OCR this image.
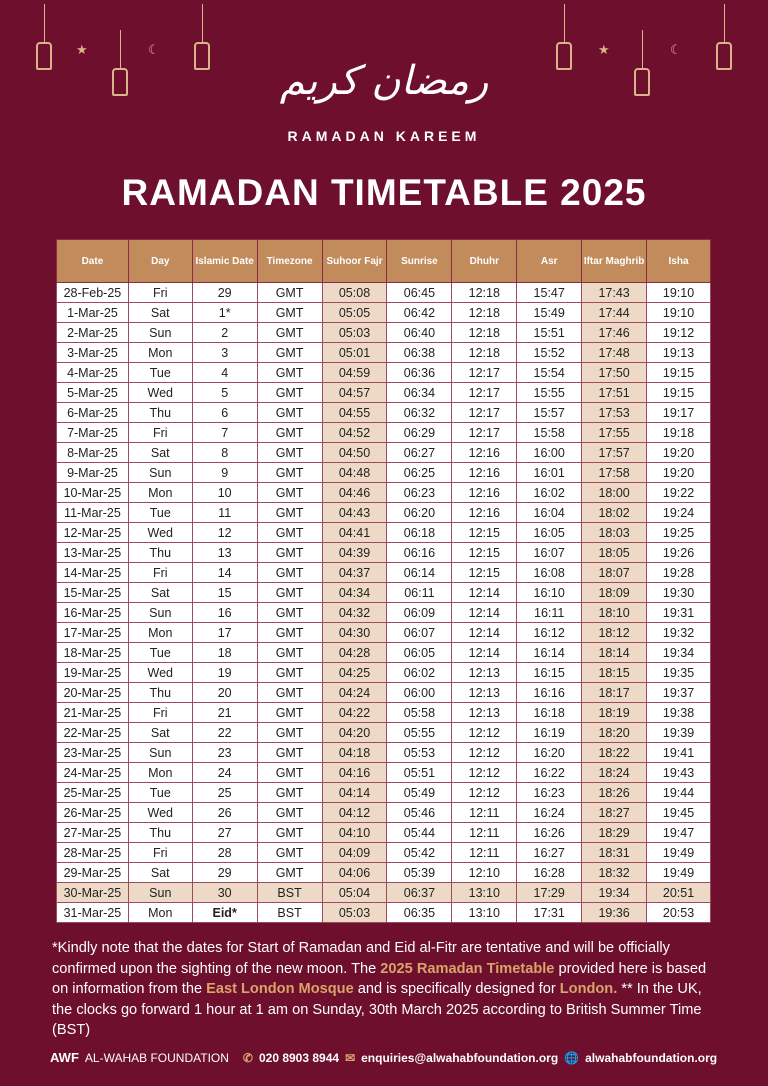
★	☾	★	☾
رمضان كريم
RAMADAN KAREEM
RAMADAN TIMETABLE 2025
Date	Day	Islamic Date	Timezone	Suhoor Fajr	Sunrise	Dhuhr	Asr	Iftar Maghrib	Isha
28-Feb-25	Fri	29	GMT	05:08	06:45	12:18	15:47	17:43	19:10
1-Mar-25	Sat	1*	GMT	05:05	06:42	12:18	15:49	17:44	19:10
2-Mar-25	Sun	2	GMT	05:03	06:40	12:18	15:51	17:46	19:12
3-Mar-25	Mon	3	GMT	05:01	06:38	12:18	15:52	17:48	19:13
4-Mar-25	Tue	4	GMT	04:59	06:36	12:17	15:54	17:50	19:15
5-Mar-25	Wed	5	GMT	04:57	06:34	12:17	15:55	17:51	19:15
6-Mar-25	Thu	6	GMT	04:55	06:32	12:17	15:57	17:53	19:17
7-Mar-25	Fri	7	GMT	04:52	06:29	12:17	15:58	17:55	19:18
8-Mar-25	Sat	8	GMT	04:50	06:27	12:16	16:00	17:57	19:20
9-Mar-25	Sun	9	GMT	04:48	06:25	12:16	16:01	17:58	19:20
10-Mar-25	Mon	10	GMT	04:46	06:23	12:16	16:02	18:00	19:22
11-Mar-25	Tue	11	GMT	04:43	06:20	12:16	16:04	18:02	19:24
12-Mar-25	Wed	12	GMT	04:41	06:18	12:15	16:05	18:03	19:25
13-Mar-25	Thu	13	GMT	04:39	06:16	12:15	16:07	18:05	19:26
14-Mar-25	Fri	14	GMT	04:37	06:14	12:15	16:08	18:07	19:28
15-Mar-25	Sat	15	GMT	04:34	06:11	12:14	16:10	18:09	19:30
16-Mar-25	Sun	16	GMT	04:32	06:09	12:14	16:11	18:10	19:31
17-Mar-25	Mon	17	GMT	04:30	06:07	12:14	16:12	18:12	19:32
18-Mar-25	Tue	18	GMT	04:28	06:05	12:14	16:14	18:14	19:34
19-Mar-25	Wed	19	GMT	04:25	06:02	12:13	16:15	18:15	19:35
20-Mar-25	Thu	20	GMT	04:24	06:00	12:13	16:16	18:17	19:37
21-Mar-25	Fri	21	GMT	04:22	05:58	12:13	16:18	18:19	19:38
22-Mar-25	Sat	22	GMT	04:20	05:55	12:12	16:19	18:20	19:39
23-Mar-25	Sun	23	GMT	04:18	05:53	12:12	16:20	18:22	19:41
24-Mar-25	Mon	24	GMT	04:16	05:51	12:12	16:22	18:24	19:43
25-Mar-25	Tue	25	GMT	04:14	05:49	12:12	16:23	18:26	19:44
26-Mar-25	Wed	26	GMT	04:12	05:46	12:11	16:24	18:27	19:45
27-Mar-25	Thu	27	GMT	04:10	05:44	12:11	16:26	18:29	19:47
28-Mar-25	Fri	28	GMT	04:09	05:42	12:11	16:27	18:31	19:49
29-Mar-25	Sat	29	GMT	04:06	05:39	12:10	16:28	18:32	19:49
30-Mar-25	Sun	30	BST	05:04	06:37	13:10	17:29	19:34	20:51
31-Mar-25	Mon	Eid*	BST	05:03	06:35	13:10	17:31	19:36	20:53
*Kindly note that the dates for Start of Ramadan and Eid al-Fitr are tentative and will be officially confirmed upon the sighting of the new moon. The 2025 Ramadan Timetable provided here is based on information from the East London Mosque and is specifically designed for London. ** In the UK, the clocks go forward 1 hour at 1 am on Sunday, 30th March 2025 according to British Summer Time (BST)
AWF AL-WAHAB FOUNDATION ✆ 020 8903 8944 ✉ enquiries@alwahabfoundation.org 🌐 alwahabfoundation.org
